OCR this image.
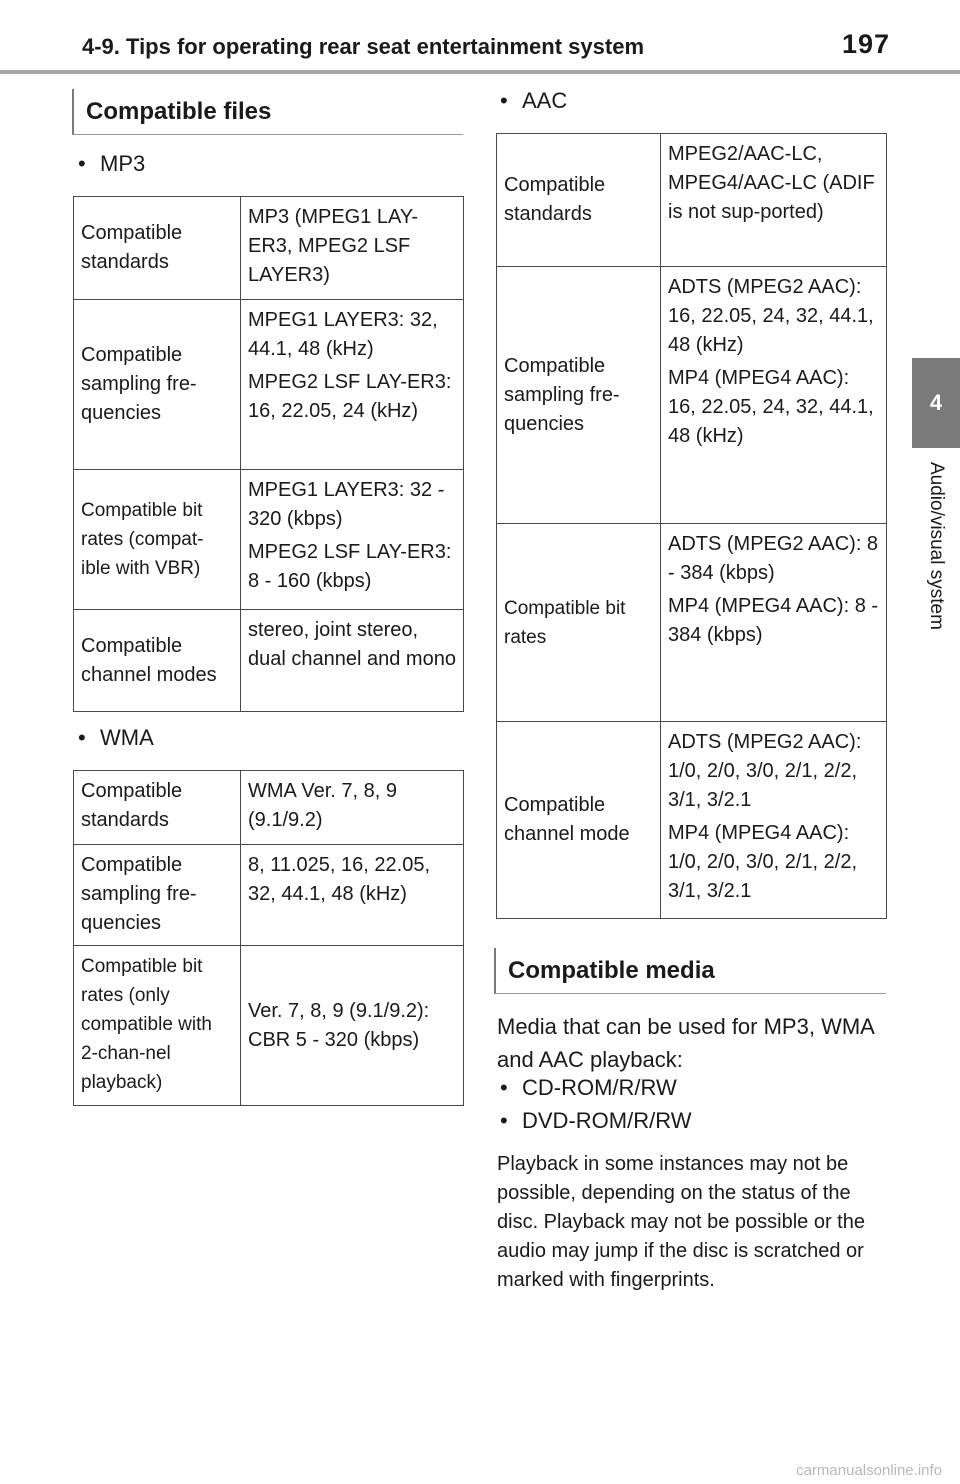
4-9. Tips for operating rear seat entertainment system	197
4
Audio/visual system
Compatible files
• MP3
Compatible standards	MP3 (MPEG1 LAY-ER3, MPEG2 LSF LAYER3)

Compatible sampling fre-quencies	MPEG1 LAYER3: 32, 44.1, 48 (kHz)
MPEG2 LSF LAY-ER3: 16, 22.05, 24 (kHz)

Compatible bit rates (compat-ible with VBR)	MPEG1 LAYER3: 32 - 320 (kbps)
MPEG2 LSF LAY-ER3: 8 - 160 (kbps)

Compatible channel modes	stereo, joint stereo, dual channel and mono
• WMA
Compatible standards	WMA Ver. 7, 8, 9 (9.1/9.2)

Compatible sampling fre-quencies	8, 11.025, 16, 22.05, 32, 44.1, 48 (kHz)

Compatible bit rates (only compatible with 2-chan-nel playback)	Ver. 7, 8, 9 (9.1/9.2): CBR 5 - 320 (kbps)
• AAC
Compatible standards	MPEG2/AAC-LC, MPEG4/AAC-LC (ADIF is not sup-ported)

Compatible sampling fre-quencies	ADTS (MPEG2 AAC): 16, 22.05, 24, 32, 44.1, 48 (kHz)
MP4 (MPEG4 AAC): 16, 22.05, 24, 32, 44.1, 48 (kHz)

Compatible bit rates	ADTS (MPEG2 AAC): 8 - 384 (kbps)
MP4 (MPEG4 AAC): 8 - 384 (kbps)

Compatible channel mode	ADTS (MPEG2 AAC): 1/0, 2/0, 3/0, 2/1, 2/2, 3/1, 3/2.1
MP4 (MPEG4 AAC): 1/0, 2/0, 3/0, 2/1, 2/2, 3/1, 3/2.1
Compatible media
Media that can be used for MP3, WMA and AAC playback:
• CD-ROM/R/RW
• DVD-ROM/R/RW
Playback in some instances may not be possible, depending on the status of the disc. Playback may not be possible or the audio may jump if the disc is scratched or marked with fingerprints.
carmanualsonline.info
